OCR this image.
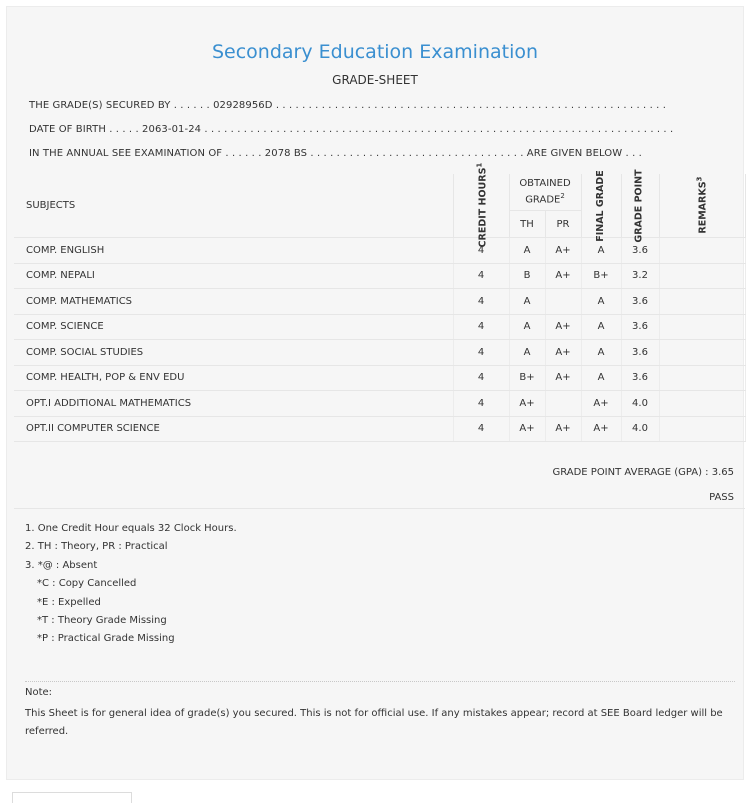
Secondary Education Examination
GRADE-SHEET
THE GRADE(S) SECURED BY . . . . . . 02928956D . . . . . . . . . . . . . . . . . . . . . . . . . . . . . . . . . . . . . . . . . . . . . . . . . . . . . . . . . . . .
DATE OF BIRTH . . . . . 2063-01-24 . . . . . . . . . . . . . . . . . . . . . . . . . . . . . . . . . . . . . . . . . . . . . . . . . . . . . . . . . . . . . . . . . . . . . . . .
IN THE ANNUAL SEE EXAMINATION OF . . . . . . 2078 BS . . . . . . . . . . . . . . . . . . . . . . . . . . . . . . . . . ARE GIVEN BELOW . . .
SUBJECTS	CREDIT HOURS$^1$	OBTAINED GRADE$^2$		FINAL GRADE	GRADE POINT	REMARKS$^3$

		TH	PR			
COMP. ENGLISH	4	A	A+	A	3.6	
COMP. NEPALI	4	B	A+	B+	3.2	
COMP. MATHEMATICS	4	A		A	3.6	
COMP. SCIENCE	4	A	A+	A	3.6	
COMP. SOCIAL STUDIES	4	A	A+	A	3.6	
COMP. HEALTH, POP & ENV EDU	4	B+	A+	A	3.6	
OPT.I ADDITIONAL MATHEMATICS	4	A+		A+	4.0	
OPT.II COMPUTER SCIENCE	4	A+	A+	A+	4.0	
GRADE POINT AVERAGE (GPA) : 3.65
PASS
1. One Credit Hour equals 32 Clock Hours.
2. TH : Theory, PR : Practical
3. *@ : Absent
*C : Copy Cancelled
*E : Expelled
*T : Theory Grade Missing
*P : Practical Grade Missing
Note:
This Sheet is for general idea of grade(s) you secured. This is not for official use. If any mistakes appear; record at SEE Board ledger will be referred.
